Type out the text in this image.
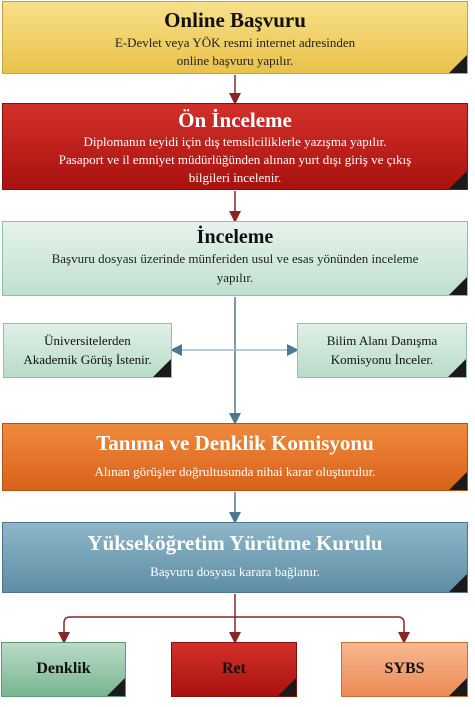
Online Başvuru
E-Devlet veya YÖK resmi internet adresinden
online başvuru yapılır.
Ön İnceleme
Diplomanın teyidi için dış temsilciliklerle yazışma yapılır.
Pasaport ve il emniyet müdürlüğünden alınan yurt dışı giriş ve çıkış
bilgileri incelenir.
İnceleme
Başvuru dosyası üzerinde münferiden usul ve esas yönünden inceleme
yapılır.
Üniversitelerden
Akademik Görüş İstenir.
Bilim Alanı Danışma
Komisyonu İnceler.
Tanıma ve Denklik Komisyonu
Alınan görüşler doğrultusunda nihai karar oluşturulur.
Yükseköğretim Yürütme Kurulu
Başvuru dosyası karara bağlanır.
Denklik	Ret	SYBS
